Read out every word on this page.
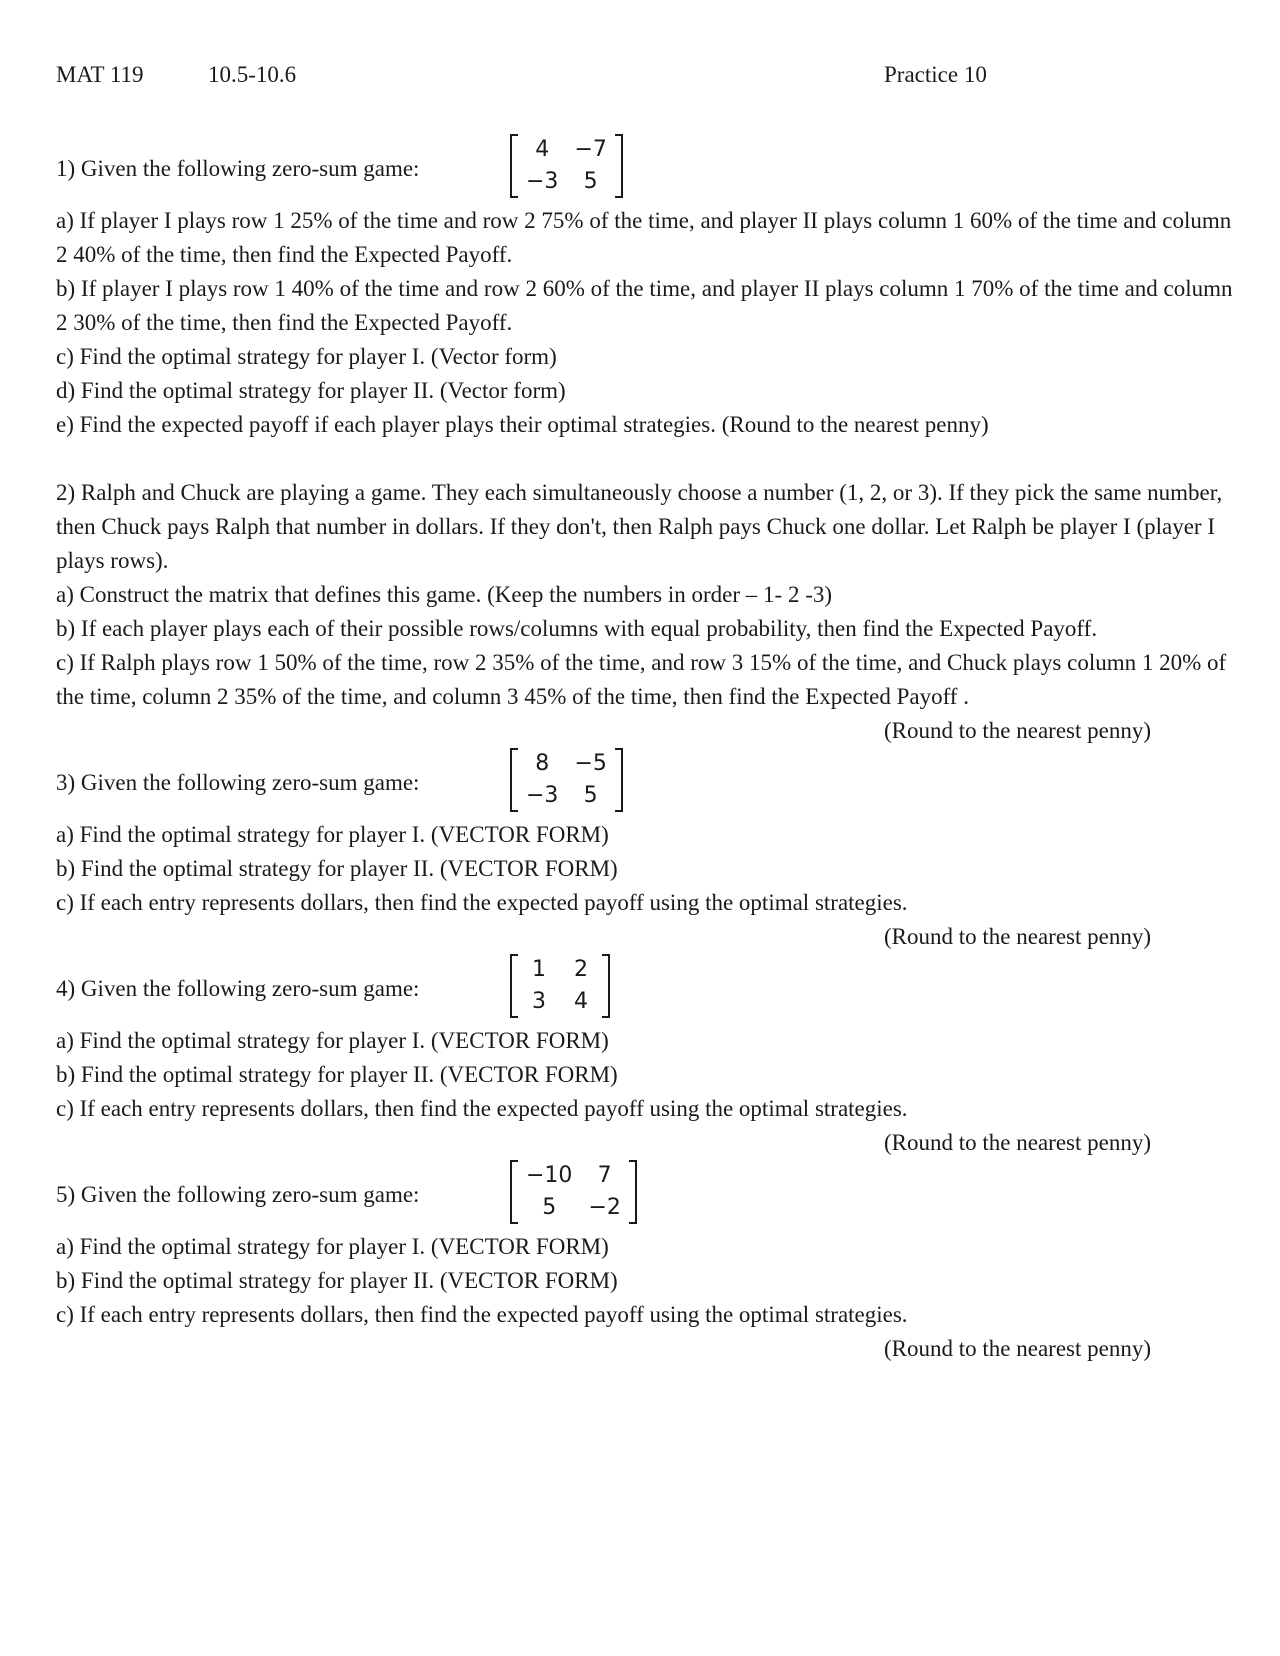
MAT 119	10.5-10.6	Practice 10
1) Given the following zero-sum game:
4	−7
−3	5
a) If player I plays row 1 25% of the time and row 2 75% of the time, and player II plays column 1 60% of the time and column 2 40% of the time, then find the Expected Payoff.
b) If player I plays row 1 40% of the time and row 2 60% of the time, and player II plays column 1 70% of the time and column 2 30% of the time, then find the Expected Payoff.
c) Find the optimal strategy for player I. (Vector form)
d) Find the optimal strategy for player II. (Vector form)
e) Find the expected payoff if each player plays their optimal strategies. (Round to the nearest penny)
2) Ralph and Chuck are playing a game. They each simultaneously choose a number (1, 2, or 3). If they pick the same number, then Chuck pays Ralph that number in dollars. If they don't, then Ralph pays Chuck one dollar. Let Ralph be player I (player I plays rows).
a) Construct the matrix that defines this game. (Keep the numbers in order – 1- 2 -3)
b) If each player plays each of their possible rows/columns with equal probability, then find the Expected Payoff.
c) If Ralph plays row 1 50% of the time, row 2 35% of the time, and row 3 15% of the time, and Chuck plays column 1 20% of the time, column 2 35% of the time, and column 3 45% of the time, then find the Expected Payoff .
(Round to the nearest penny)
3) Given the following zero-sum game:
8	−5
−3	5
a) Find the optimal strategy for player I. (VECTOR FORM)
b) Find the optimal strategy for player II. (VECTOR FORM)
c) If each entry represents dollars, then find the expected payoff using the optimal strategies.
(Round to the nearest penny)
4) Given the following zero-sum game:
1	2
3	4
a) Find the optimal strategy for player I. (VECTOR FORM)
b) Find the optimal strategy for player II. (VECTOR FORM)
c) If each entry represents dollars, then find the expected payoff using the optimal strategies.
(Round to the nearest penny)
5) Given the following zero-sum game:
−10	7
5	−2
a) Find the optimal strategy for player I. (VECTOR FORM)
b) Find the optimal strategy for player II. (VECTOR FORM)
c) If each entry represents dollars, then find the expected payoff using the optimal strategies.
(Round to the nearest penny)
